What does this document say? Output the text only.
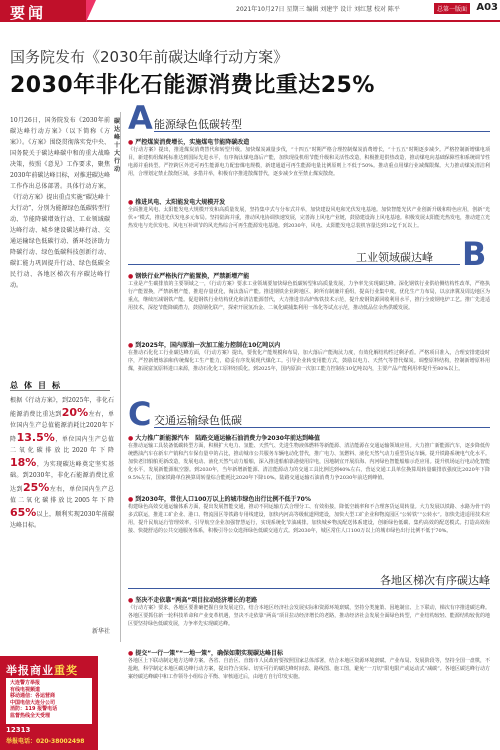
要闻	2021年10月27日 星期三 编辑 刘建宇 设计 刘红慧 校对 陈平	总第一版面 A03
国务院发布《2030年前碳达峰行动方案》
2030年非化石能源消费比重达25%
10月26日，国务院发布《2030年前碳达峰行动方案》（以下简称《方案》）。《方案》围绕贯彻落实党中央、国务院关于碳达峰碳中和的重大战略决策，按照《意见》工作要求，聚焦2030年前碳达峰目标，对推进碳达峰工作作出总体部署。具体行动方案，《行动方案》提出重点实施“碳达峰十大行动”，分别为能源绿色低碳转型行动、节能降碳增效行动、工业领域碳达峰行动、城乡建设碳达峰行动、交通运输绿色低碳行动、循环经济助力降碳行动、绿色低碳科技创新行动、碳汇能力巩固提升行动、绿色低碳全民行动、各地区梯次有序碳达峰行动。
碳达峰十大行动
总体目标
根据《行动方案》，到2025年，非化石能源消费比重达到20%左右，单位国内生产总值能源消耗比2020年下降13.5%，单位国内生产总值二氧化碳排放比2020年下降18%，为实现碳达峰奠定坚实基础。到2030年，非化石能源消费比重达到25%左右，单位国内生产总值二氧化碳排放比2005年下降65%以上，顺利实现2030年前碳达峰目标。
新华社
A 能源绿色低碳转型
● 严控煤炭消费增长，实施煤电节能降碳改造
《行动方案》提出，推进煤炭消费替代和转型升级。加快煤炭减量步伐，“十四五”时期严格合理控制煤炭消费增长，“十五五”时期逐步减少。严格控制新增煤电项目，新建机组煤耗标准达到国际先进水平，有序淘汰煤电落后产能，加快现役机组节能升级和灵活性改造，积极推进供热改造，推动煤电向基础保障性和系统调节性电源并重转型。严控跨区外送可再生能源电力配套煤电规模，新建通道可再生能源电量比例原则上不低于50%。推动重点用煤行业减煤限煤。大力推动煤炭清洁利用，合理划定禁止散烧区域，多措并举，积极有序推进散煤替代，逐步减少直至禁止煤炭散烧。
● 推进风电、太阳能发电大规模开发
全面推进风电、太阳能发电大规模开发和高质量发展，坚持集中式与分布式并举，加快建设风电和光伏发电基地。加快智能光伏产业创新升级和特色应用，创新“光伏+”模式，推进光伏发电多元布局。坚持陆海并重，推动风电协调快速发展，完善海上风电产业链，鼓励建设海上风电基地。积极发展太阳能光热发电，推动建立光热发电与光伏发电、风电互补调节的风光热综合可再生能源发电基地。到2030年，风电、太阳能发电总装机容量达到12亿千瓦以上。
工业领域碳达峰 B
● 钢铁行业严格执行产能置换，严禁新增产能
工业是产生碳排放的主要领域之一，《行动方案》要求工业领域要加快绿色低碳转型和高质量发展，力争率先实现碳达峰。深化钢铁行业供给侧结构性改革，严格执行产能置换，严禁新增产能，推进存量优化，淘汰落后产能。推进钢铁企业跨地区、跨所有制兼并重组，提高行业集中度。优化生产力布局，以京津冀及周边地区为重点，继续压减钢铁产能。促进钢铁行业结构优化和清洁能源替代，大力推进非高炉炼铁技术示范，提升废钢资源回收利用水平，推行全废钢电炉工艺。推广先进适用技术，深挖节能降碳潜力，鼓励钢化联产，探索开展氢冶金、二氧化碳捕集利用一体化等试点示范，推动低品位余热供暖发展。
● 到2025年，国内原油一次加工能力控制在10亿吨以内
在推动石化化工行业碳达峰方面，《行动方案》提出，要优化产能规模和布局，加大落后产能淘汰力度，有效化解结构性过剩矛盾。严格项目准入，合理安排建设时序，严控新增炼油和传统煤化工生产能力，稳妥有序发展现代煤化工。引导企业转变用能方式，鼓励以电力、天然气等替代煤炭。调整原料结构，控制新增原料用煤，拓展富氢原料进口来源，推动石化化工原料轻质化。到2025年，国内原油一次加工能力控制在10亿吨以内，主要产品产能利用率提升至80%以上。
C 交通运输绿色低碳
● 大力推广新能源汽车　陆路交通运输石油消费力争2030年前达到峰值
在推动运输工具装备低碳转型方面，积极扩大电力、氢能、天然气、先进生物液体燃料等新能源、清洁能源在交通运输领域应用。大力推广新能源汽车，逐步降低传统燃油汽车在新车产销和汽车保有量中的占比，推动城市公共服务车辆电动化替代，推广电力、氢燃料、液化天然气动力重型货运车辆。提升铁路系统电气化水平。加快老旧船舶更新改造，发展电动、液化天然气动力船舶，深入推进船舶靠港使用岸电，因地制宜开展沿海、内河绿色智能船舶示范应用。提升机场运行电动化智能化水平，发展新能源航空器。到2030年，当年新增新能源、清洁能源动力的交通工具比例达到40%左右，营运交通工具单位换算周转量碳排放强度比2020年下降9.5%左右，国家铁路单位换算周转量综合能耗比2020年下降10%。陆路交通运输石油消费力争2030年前达到峰值。
● 到2030年，常住人口100万以上的城市绿色出行比例不低于70%
构建绿色高效交通运输体系方面，提出发展智能交通，推动不同运输方式合理分工、有效衔接，降低空载率和不合理客货运周转量。大力发展以铁路、水路为骨干的多式联运，推进工矿企业、港口、物流园区等铁路专用线建设，加快内河高等级航道网建设，加快大型工矿企业和物流园区“公转铁”“公转水”。加快先进适用技术应用，提升民航运行管理效率，引导航空企业加强智慧运行，实现系统化节油减排。加快城乡物流配送体系建设，创新绿色低碳、集约高效的配送模式。打造高效衔接、快捷舒适的公共交通服务体系，积极引导公众选择绿色低碳交通方式。到2030年，城区常住人口100万以上的城市绿色出行比例不低于70%。
各地区梯次有序碳达峰
● 坚决不走依靠“两高”项目拉动经济增长的老路
《行动方案》要求，各地区要准确把握自身发展定位，结合本地区经济社会发展实际和资源环境禀赋，坚持分类施策、因地制宜、上下联动，梯次有序推进碳达峰。各地区要抓住新一轮科技革命和产业变革机遇，坚决不走依靠“两高”项目拉动经济增长的老路，推动经济社会发展全面绿色转型，产业结构较轻、能源结构较优的地区要坚持绿色低碳发展，力争率先实现碳达峰。
● 提交“一行一策”“一地一策”，确保如期实现碳达峰目标
各地区上下联动制定地方达峰方案。各省、自治区、直辖市人民政府要按照国家总体部署，结合本地区资源环境禀赋、产业布局、发展阶段等，坚持全国一盘棋，不抢跑，科学制定本地区碳达峰行动方案，提出符合实际、切实可行的碳达峰时间表、路线图、施工图，避免“一刀切”限电限产或运动式“减碳”。各地区碳达峰行动方案经碳达峰碳中和工作领导小组综合平衡、审核通过后，由地方自行印发实施。
举报商业重奖
大连警方举报
有线电视频道
移动通信：各运营商
中国电信大连分公司
消防：119 报警电话
监督热线全天受理
12313
举报电话：020-38002498
